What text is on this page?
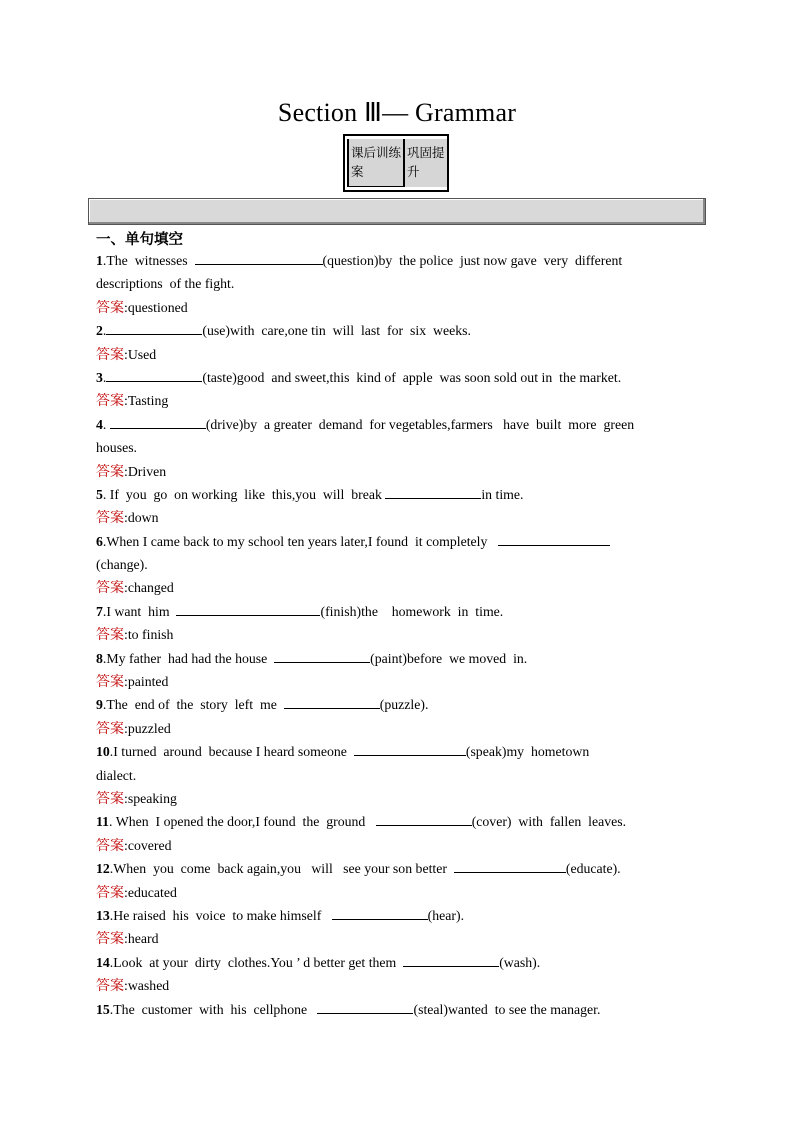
Section Ⅲ— Grammar
课后训练案
巩固提升
一、单句填空
1.The  witnesses	(question)by  the police  just now gave  very  different
descriptions  of the fight.
答案:questioned
2.	(use)with  care,one tin  will  last  for  six  weeks.
答案:Used
3.	(taste)good  and sweet,this  kind of  apple  was soon sold out in  the market.
答案:Tasting
4.	(drive)by  a greater  demand  for vegetables,farmers   have  built  more  green
houses.
答案:Driven
5. If  you  go  on working  like  this,you  will  break	in time.
答案:down
6.When I came back to my school ten years later,I found  it completely
(change).
答案:changed
7.I want  him	(finish)the    homework  in  time.
答案:to finish
8.My father  had had the house	(paint)before  we moved  in.
答案:painted
9.The  end of  the  story  left  me	(puzzle).
答案:puzzled
10.I turned  around  because I heard someone	(speak)my  hometown
dialect.
答案:speaking
11. When  I opened the door,I found  the  ground	(cover)  with  fallen  leaves.
答案:covered
12.When  you  come  back again,you   will   see your son better	(educate).
答案:educated
13.He raised  his  voice  to make himself	(hear).
答案:heard
14.Look  at your  dirty  clothes.You ’ d better get them	(wash).
答案:washed
15.The  customer  with  his  cellphone	(steal)wanted  to see the manager.
